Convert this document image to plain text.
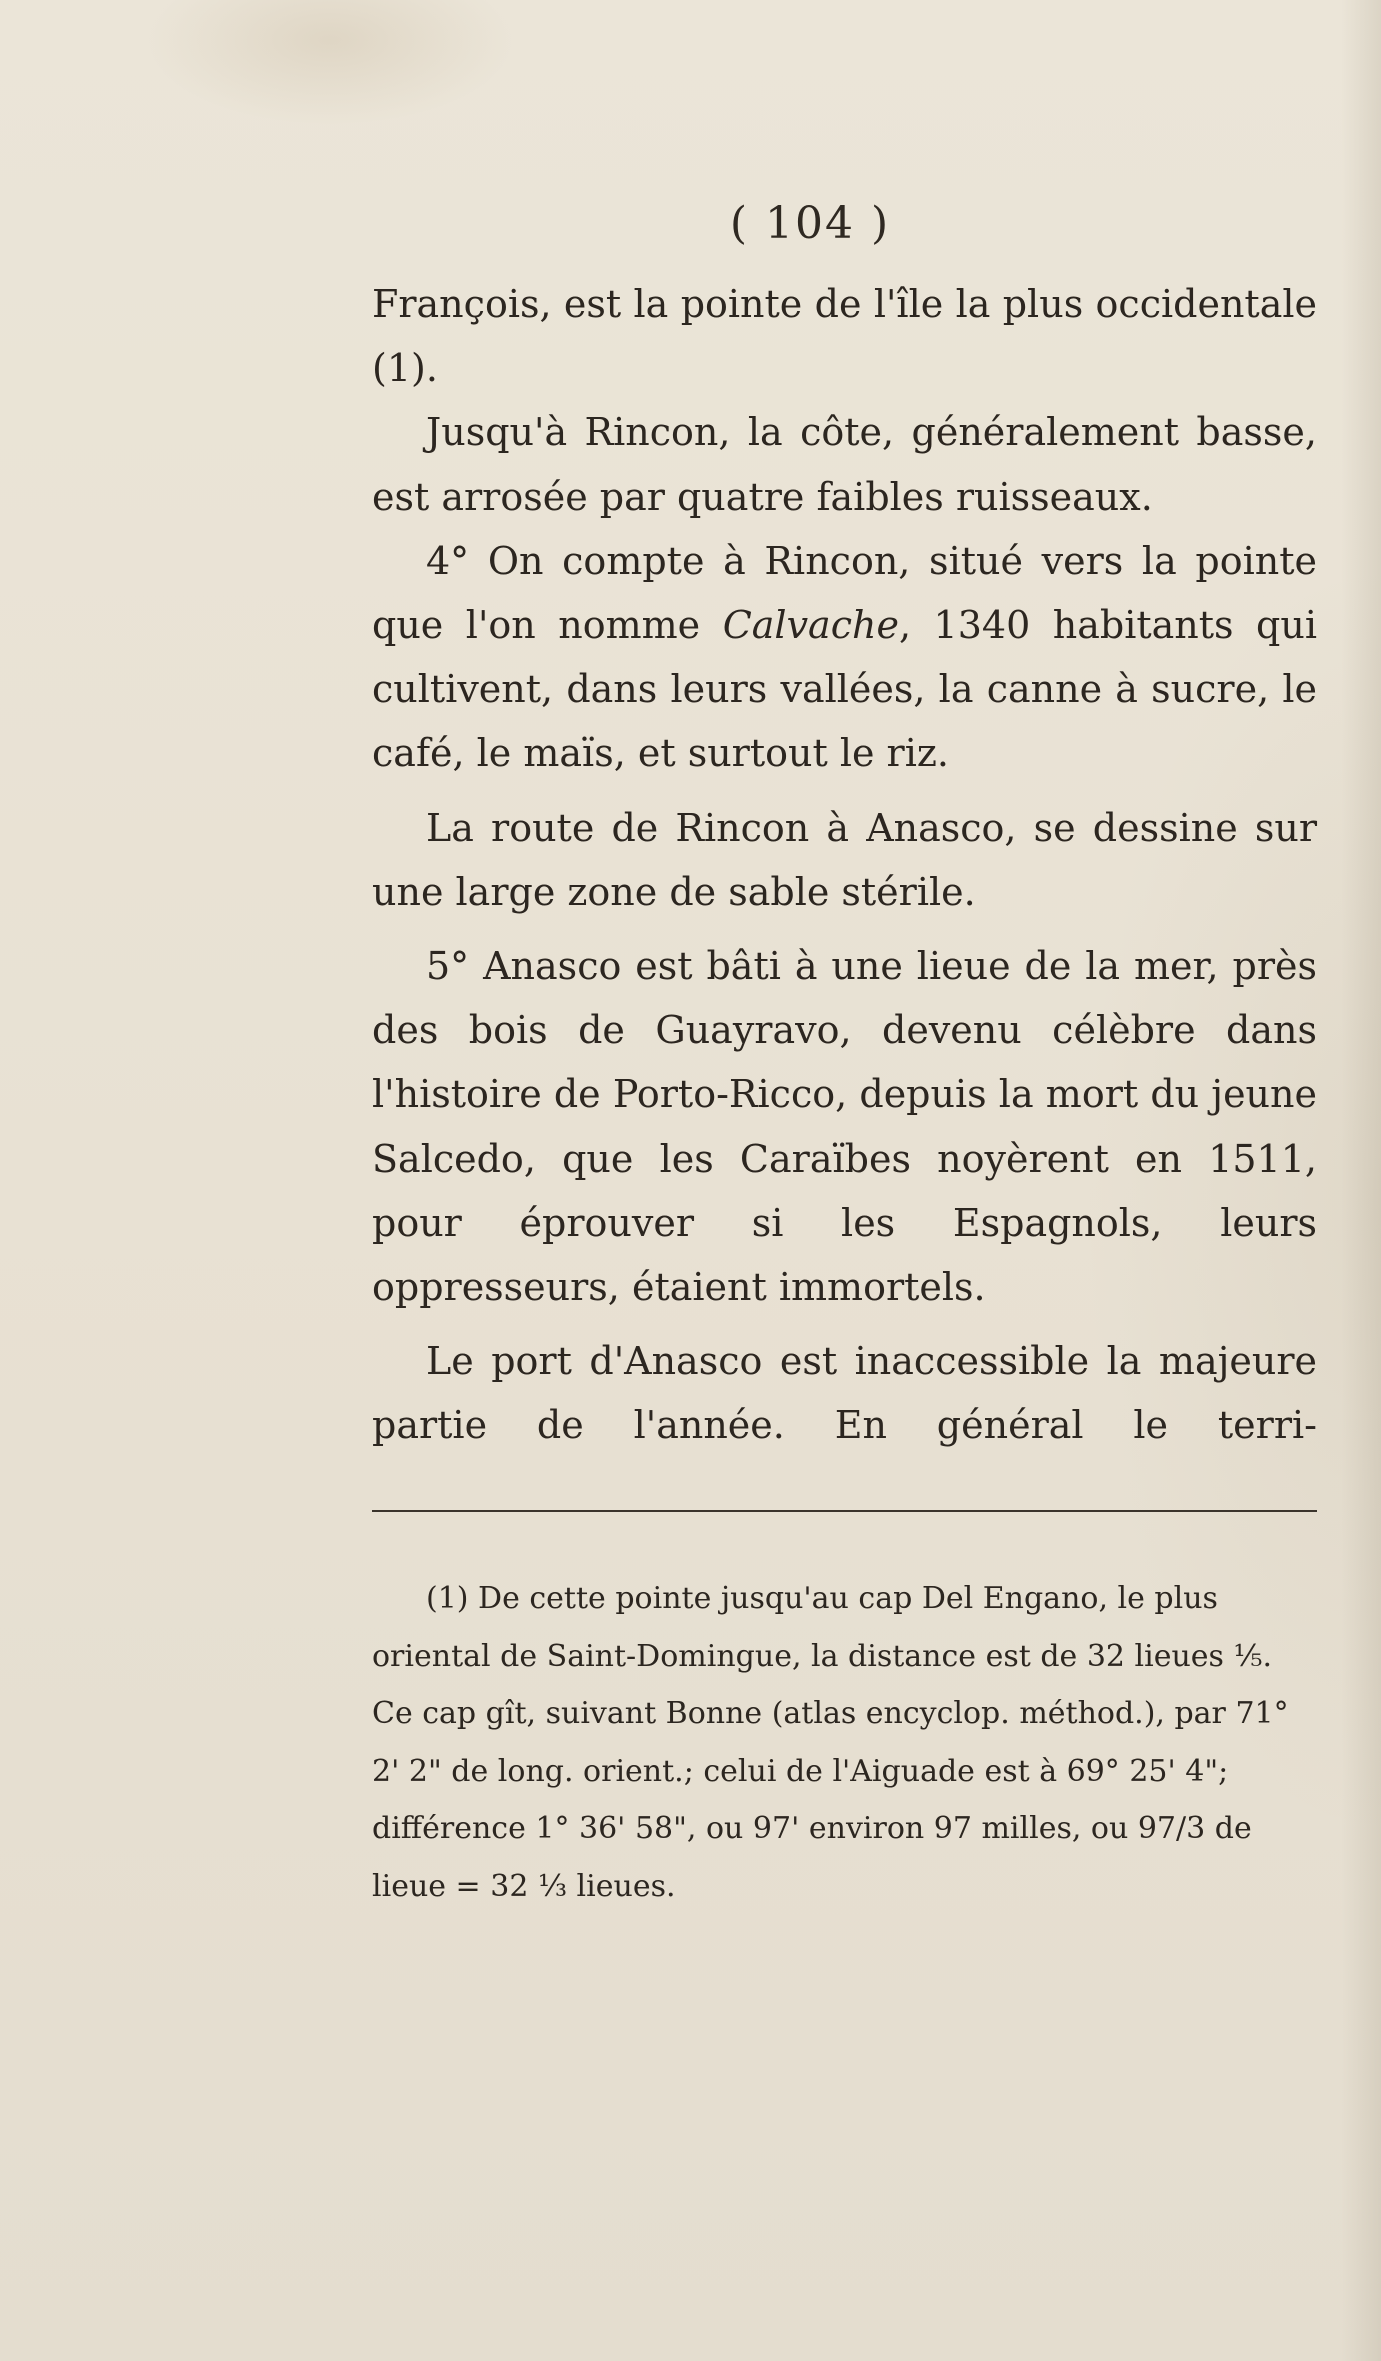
( 104 )

François, est la pointe de l'île la plus occidentale (1).

Jusqu'à Rincon, la côte, généralement basse, est arrosée par quatre faibles ruisseaux.

4° On compte à Rincon, situé vers la pointe que l'on nomme Calvache, 1340 habitants qui cultivent, dans leurs vallées, la canne à sucre, le café, le maïs, et surtout le riz.

La route de Rincon à Anasco, se dessine sur une large zone de sable stérile.

5° Anasco est bâti à une lieue de la mer, près des bois de Guayravo, devenu célèbre dans l'histoire de Porto-Ricco, depuis la mort du jeune Salcedo, que les Caraïbes noyèrent en 1511, pour éprouver si les Espagnols, leurs oppresseurs, étaient immortels.

Le port d'Anasco est inaccessible la majeure partie de l'année. En général le terri-

(1) De cette pointe jusqu'au cap Del Engano, le plus oriental de Saint-Domingue, la distance est de 32 lieues ⅕. Ce cap gît, suivant Bonne (atlas encyclop. méthod.), par 71° 2' 2" de long. orient.; celui de l'Aiguade est à 69° 25' 4"; différence 1° 36' 58", ou 97' environ 97 milles, ou 97/3 de lieue = 32 ⅓ lieues.
